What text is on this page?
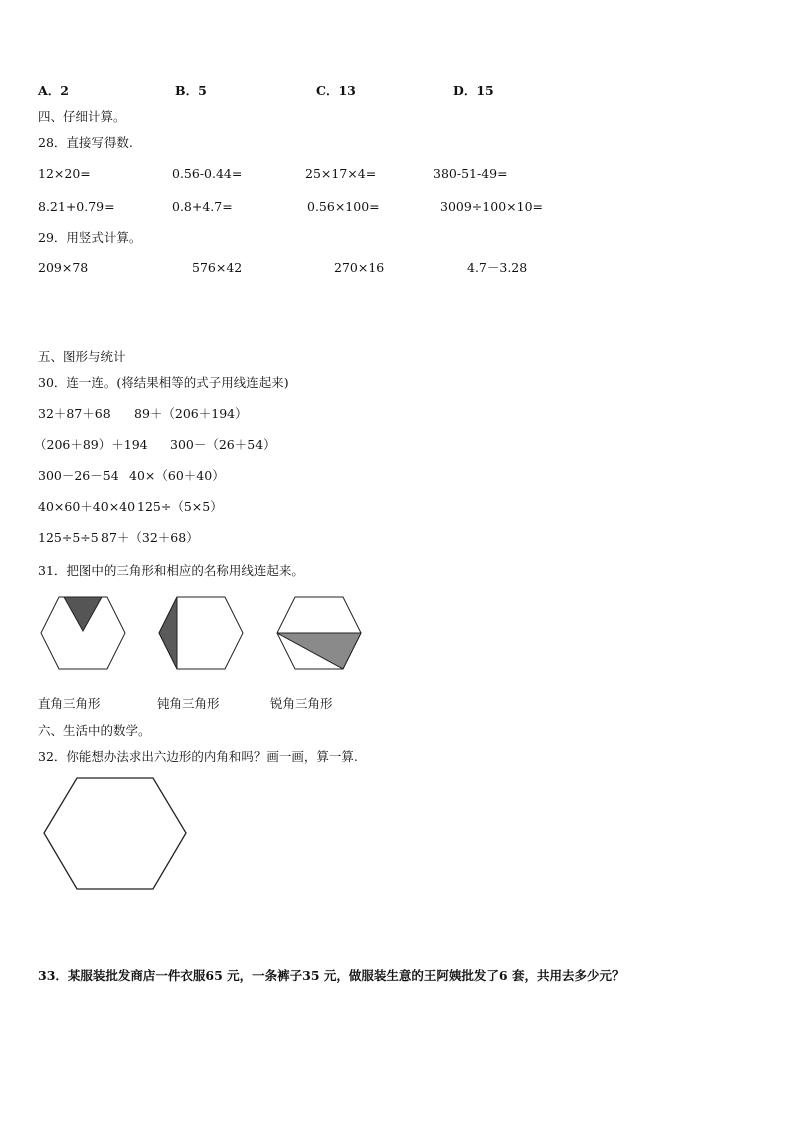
A．2	B．5	C．13	D．15
四、仔细计算。
28．直接写得数.
12×20=	0.56-0.44=	25×17×4=	380-51-49=
8.21+0.79=	0.8+4.7=	0.56×100=	3009÷100×10=
29．用竖式计算。
209×78	576×42	270×16	4.7－3.28
五、图形与统计
30．连一连。(将结果相等的式子用线连起来)
32＋87＋68 89＋（206＋194）
（206＋89）＋194 300－（26＋54）
300－26－54 40×（60＋40）
40×60＋40×40 125÷（5×5）
125÷5÷5 87＋（32＋68）
31．把图中的三角形和相应的名称用线连起来。
直角三角形	钝角三角形	锐角三角形
六、生活中的数学。
32．你能想办法求出六边形的内角和吗？画一画，算一算.
33．某服装批发商店一件衣服65 元，一条裤子35 元，做服装生意的王阿姨批发了6 套，共用去多少元？
